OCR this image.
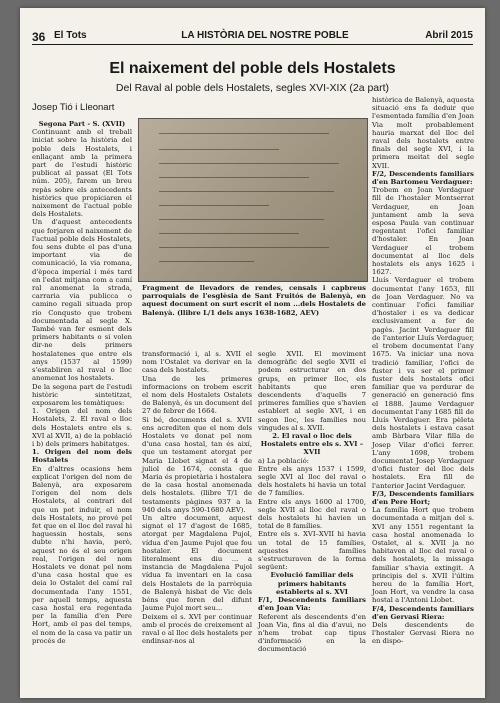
36 El Tots	LA HISTÒRIA DEL NOSTRE POBLE	Abril 2015
El naixement del poble dels Hostalets
Del Raval al poble dels Hostalets, segles XVI-XIX (2a part)
Josep Tió i Lleonart

Segona Part - S. (XVII)

Continuant amb el treball iniciat sobre la història del poble dels Hostalets, i enllaçant amb la primera part de l'estudi històric publicat al passat (El Tots núm. 205), farem un breu repàs sobre els antecedents històrics que propiciaren el naixement de l'actual poble dels Hostalets.

Un d'aquest antecedents que forjaren el naixement de l'actual poble dels Hostalets, fou sens dubte el pas d'una important via de comunicació, la via romana, d'època imperial i més tard en l'edat mitjana com a camí ral anomenat la strada, carraria via publicca o camino regali situada prop río Conqusto que trobem documentada al segle X. També van fer esment dels primers habitants o si volen dir-ne dels primers hostalatenes que entre els anys (1537 al 1599) s'establiren al raval o lloc anomenat los hostalets.

De la segona part de l'estudi històric sintetitzat, exposarem les temàtiques:

1. Origen del nom dels Hostalets, 2. El raval o lloc dels Hostalets entre els s. XVI al XVII, a) de la població i b) dels primers habitatges.

1. Origen del nom dels Hostalets

En d'altres ocasions hem explicat l'origen del nom de Balenyà, ara exposarem l'origen del nom dels Hostalets, al contrari del que un pot induir, el nom dels Hostalets, no prové pel fet que en el lloc del raval hi haguessin hostals, sens dubte n'hi havia, però, aquest no és el seu origen real, l'origen del nom Hostalets ve donat pel nom d'una casa hostal que es deia lo Ostalet del camí ral documentada l'any 1551, per aquell temps, aquesta casa hostal era regentada per la família d'en Pere Hort, amb el pas del temps, el nom de la casa va patir un procés de

Fragment de llevadors de rendes, censals i capbreus parroquials de l'esglèsia de Sant Fruitós de Balenyà, en aquest document on surt escrit el nom ...dels Hostalets de Balenyà. (llibre L/1 dels anys 1638-1682, AEV)

transformació i, al s. XVII el nom l'Ostalet va derivar en la casa dels hostalets.

Una de les primeres informacions on trobem escrit el nom dels Hostalets Ostalets de Balenyà, és un document del 27 de febrer de 1664.

Si bé, documents del s. XVII ens acrediten que el nom dels Hostalets ve donat pel nom d'una casa hostal, tan és així, que un testament atorgat per Maria Llobet signat el 4 de juliol de 1674, consta que Maria és propietària i hostalera de la casa hostal anomenada dels hostalets. (llibre T/1 de testaments pàgines 937 a la 940 dels anys 590-1680 AEV).

Un altre document, aquest signat el 17 d'agost de 1685, atorgat per Magdalena Pujol, vídua d'en Jaume Pujol que fou hostaler. El document literalment ens diu ... a instancia de Magdalena Pujol vídua fa inventari en la casa dels Hostalets de la parròquia de Balenyà hisbat de Vic dels béns que foren del difunt Jaume Pujol mort seu...

Deixem el s. XVI per continuar amb el procés de creixement al raval o al lloc dels hostalets per endinsar-nos al

segle XVII. El moviment demogràfic del segle XVII el podem estructurar en dos grups, en primer lloc, els habitants que eren descendents d'aquells 7 primeres famílies que s'havien establert al segle XVI, i en segon lloc, les famílies nou vingudes al s. XVII.

2. El raval o lloc dels Hostalets entre els s. XVI – XVII

a) La població:

Entre els anys 1537 i 1599, segle XVI al lloc del raval o dels hostalets hi havia un total de 7 famílies.

Entre els anys 1600 al 1700, segle XVII al lloc del raval o dels hostalets hi havien un total de 8 famílies.

Entre els s. XVI–XVII hi havia un total de 15 famílies, aquestes famílies s'estructuraven de la forma següent:

Evolució familiar dels primers habitants establerts al s. XVI

F/1, Descendents familiars d'en Joan Via:

Referent als descendents d'en Joan Via, fins al dia d'avui, no n'hem trobat cap tipus d'informació en la documentació

històrica de Balenyà, aquesta situació ens fa deduir que l'esmentada família d'en Joan Via molt probablement hauria marxat del lloc del raval dels hostalets entre finals del segle XVI, i la primera meitat del segle XVII.

F/2, Descendents familiars d'en Bartomeu Verdaguer:

Trobem en Joan Verdaguer fill de l'hostaler Montserrat Verdaguer, en Joan juntament amb la seva esposa Paula van continuar regentant l'ofici familiar d'hostaler. En Joan Verdaguer el trobem documentat al lloc dels hostalets els anys 1625 i 1627.

Lluís Verdaguer el trobem documentat l'any 1653, fill de Joan Verdaguer. No va continuar l'ofici familiar d'hostaler i es va dedicar exclusivament a fer de pagès. Jacint Verdaguer fill de l'anterior Lluís Verdaguer, el trobem documentat l'any 1675. Va iniciar una nova tradició familiar, l'ofici de fuster i va ser el primer fuster dels hostalets ofici familiar que va perdurar de generació en generació fins el 1888. Jaume Verdaguer documentat l'any 1685 fill de Lluís Verdaguer. Era pèleta dels hostalets i estava casat amb Bàrbara Vilar filla de Josep Vilar d'ofici ferrer. L'any 1698, trobem documentat Josep Verdaguer d'ofici fuster del lloc dels hostalets. Era fill de l'anterior Jacint Verdaguer.

F/3, Descendents familiars d'en Pere Hort;

La família Hort que trobem documentada a mitjan del s. XVI any 1551 regentant la casa hostal anomenada lo Ostalet, al s. XVII ja no habitaven al lloc del raval o dels hostalets, la missaga familiar s'havia extingit. A principis del s. XVII l'últim hereu de la família Hort, Joan Hort, va vendre la casa hostal a l'Antoni Llobet.

F/4, Descendents familiars d'en Gervasi Riera:

Dels descendents de l'hostaler Gervasi Riera no en dispo-
